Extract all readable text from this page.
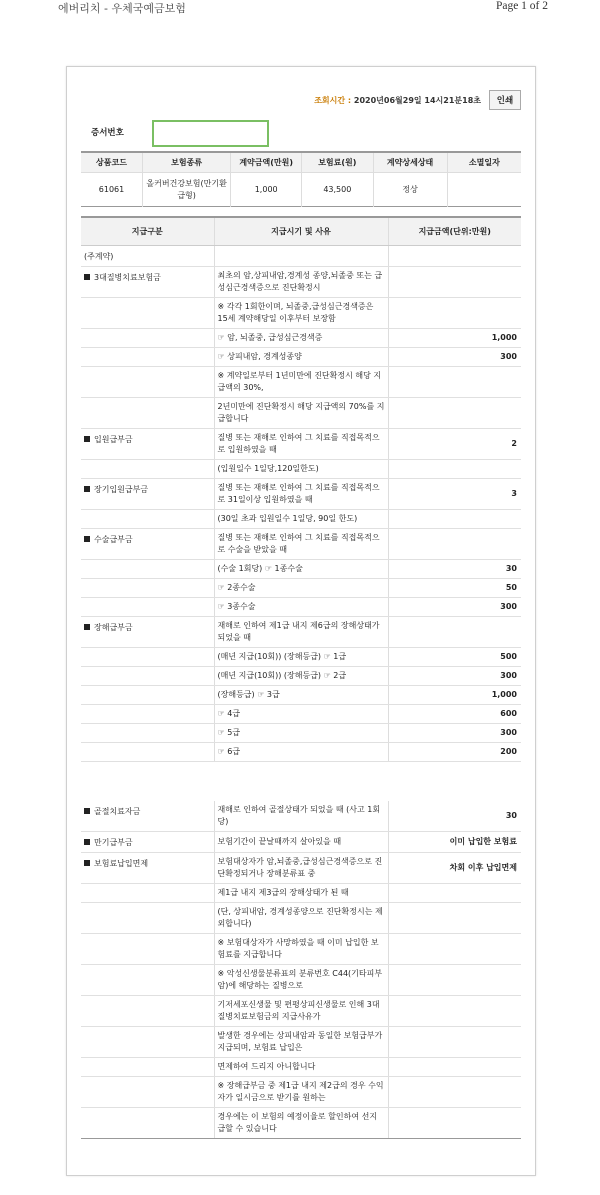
에버리치 - 우체국예금보험	Page 1 of 2
조회시간 : 2020년06월29일 14시21분18초	인쇄
증서번호
상품코드	보험종류	계약금액(만원)	보험료(원)	계약상세상태	소멸일자
61061	올커버건강보험(만기환급형)	1,000	43,500	정상	
지급구분	지급시기 및 사유	지급금액(단위:만원)
(주계약)		
3대질병치료보험금	최초의 암,상피내암,경계성 종양,뇌졸중 또는 급성심근경색증으로 진단확정시	
	※ 각각 1회한이며, 뇌졸중,급성심근경색증은 15세 계약해당일 이후부터 보장함	
	☞ 암, 뇌졸중, 급성심근경색증	1,000
	☞ 상피내암, 경계성종양	300
	※ 계약일로부터 1년미만에 진단확정시 해당 지급액의 30%,	
	2년미만에 진단확정시 해당 지급액의 70%를 지급합니다	
입원급부금	질병 또는 재해로 인하여 그 치료를 직접목적으로 입원하였을 때	2
	(입원일수 1일당,120일한도)	
장기입원급부금	질병 또는 재해로 인하여 그 치료를 직접목적으로 31일이상 입원하였을 때	3
	(30일 초과 입원일수 1일당, 90일 한도)	
수술급부금	질병 또는 재해로 인하여 그 치료를 직접목적으로 수술을 받았을 때	
	(수술 1회당) ☞ 1종수술	30
	☞ 2종수술	50
	☞ 3종수술	300
장해급부금	재해로 인하여 제1급 내지 제6급의 장해상태가 되었을 때	
	(매년 지급(10회)) (장해등급) ☞ 1급	500
	(매년 지급(10회)) (장해등급) ☞ 2급	300
	(장해등급) ☞ 3급	1,000
	☞ 4급	600
	☞ 5급	300
	☞ 6급	200
골절치료자금	재해로 인하여 골절상태가 되었을 때 (사고 1회당)	30
만기급부금	보험기간이 끝날때까지 살아있을 때	이미 납입한 보험료
보험료납입면제	보험대상자가 암,뇌졸중,급성심근경색증으로 진단확정되거나 장해분류표 중	차회 이후 납입면제
	제1급 내지 제3급의 장해상태가 된 때	
	(단, 상피내암, 경계성종양으로 진단확정시는 제외합니다)	
	※ 보험대상자가 사망하였을 때 이미 납입한 보험료를 지급합니다	
	※ 악성신생물분류표의 분류번호 C44(기타피부암)에 해당하는 질병으로	
	기저세포신생물 및 편평상피신생물로 인해 3대질병치료보험금의 지급사유가	
	발생한 경우에는 상피내암과 동일한 보험급부가 지급되며, 보험료 납입은	
	면제하여 드리지 아니합니다	
	※ 장해급부금 중 제1급 내지 제2급의 경우 수익자가 일시금으로 받기를 원하는	
	경우에는 이 보험의 예정이율로 할인하여 선지급할 수 있습니다	
